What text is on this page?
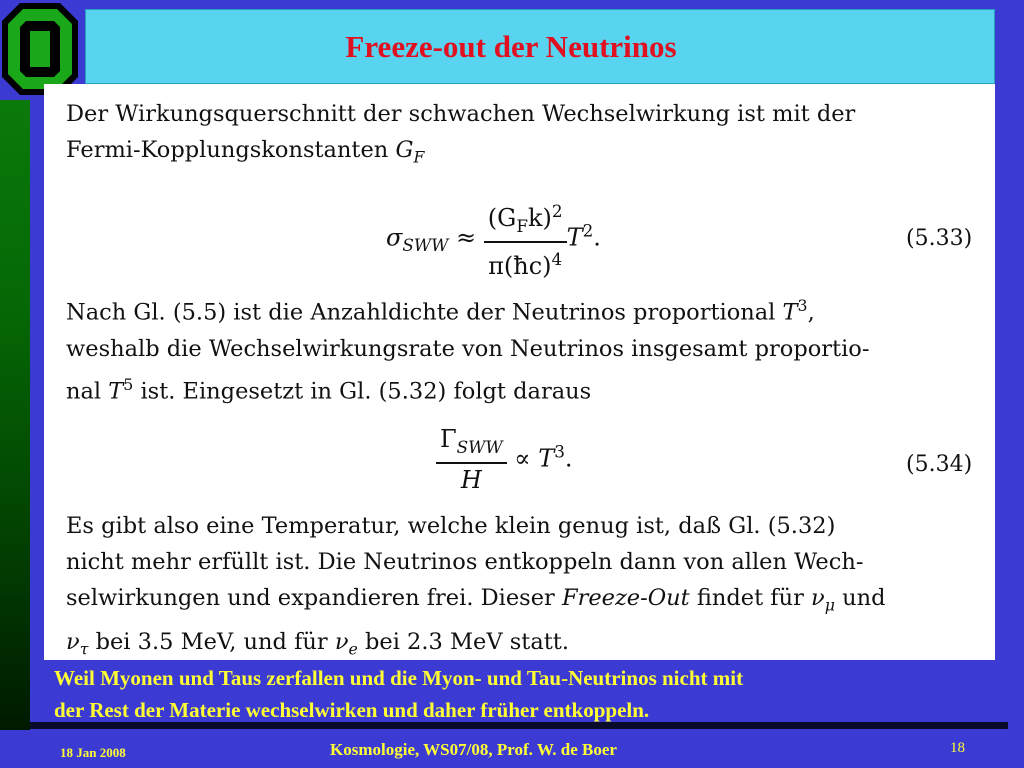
Freeze-out der Neutrinos
Der Wirkungsquerschnitt der schwachen Wechselwirkung ist mit der
Fermi-Kopplungskonstanten $G_F$
$\sigma_{SWW} \approx \frac{(G_Fk)^2}{\pi(ħc)^4} T^2$.	(5.33)
Nach Gl. (5.5) ist die Anzahldichte der Neutrinos proportional $T^3$,
weshalb die Wechselwirkungsrate von Neutrinos insgesamt proportio-
nal $T^5$ ist. Eingesetzt in Gl. (5.32) folgt daraus
$\frac{\Gamma_{SWW}}{H} \propto T^3$.	(5.34)
Es gibt also eine Temperatur, welche klein genug ist, daß Gl. (5.32)
nicht mehr erfüllt ist. Die Neutrinos entkoppeln dann von allen Wech-
selwirkungen und expandieren frei. Dieser Freeze-Out findet für $\nu_\mu$ und
$\nu_\tau$ bei 3.5 MeV, und für $\nu_e$ bei 2.3 MeV statt.
Weil Myonen und Taus zerfallen und die Myon- und Tau-Neutrinos nicht mit
der Rest der Materie wechselwirken und daher früher entkoppeln.
18 Jan 2008	Kosmologie, WS07/08, Prof. W. de Boer	18
